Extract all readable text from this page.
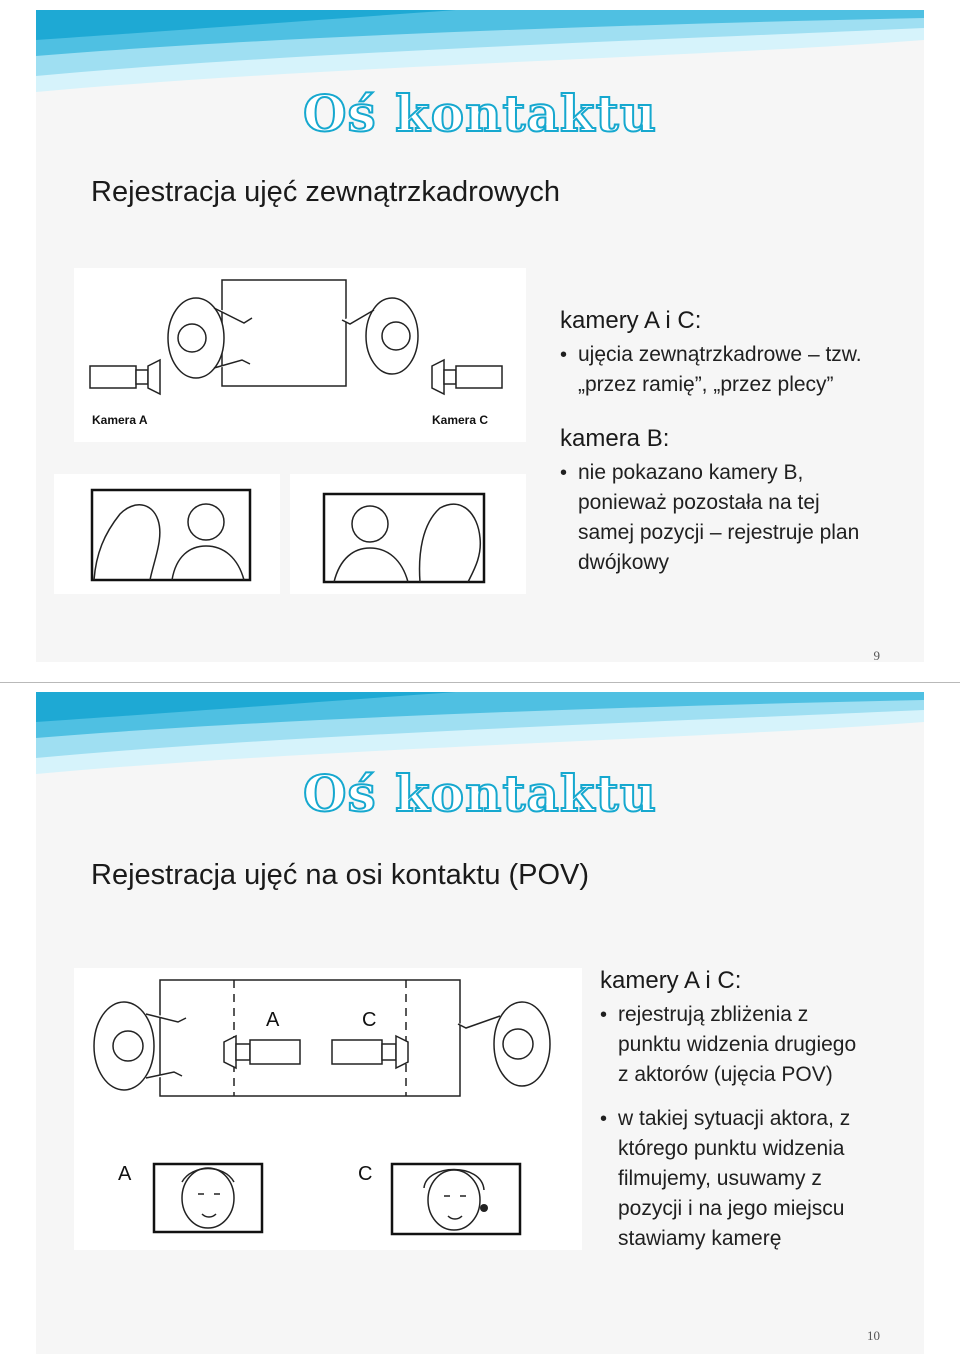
Oś kontaktu
Rejestracja ujęć zewnątrzkadrowych
Kamera A	Kamera C
kamery A i C:
• ujęcia zewnątrzkadrowe – tzw.
„przez ramię”, „przez plecy”
kamera B:
• nie pokazano kamery B,
ponieważ pozostała na tej
samej pozycji – rejestruje plan
dwójkowy
9
Oś kontaktu
Rejestracja ujęć na osi kontaktu (POV)
A	C
A	C
kamery A i C:
• rejestrują zbliżenia z
punktu widzenia drugiego
z aktorów (ujęcia POV)
• w takiej sytuacji aktora, z
którego punktu widzenia
filmujemy, usuwamy z
pozycji i na jego miejscu
stawiamy kamerę
10
